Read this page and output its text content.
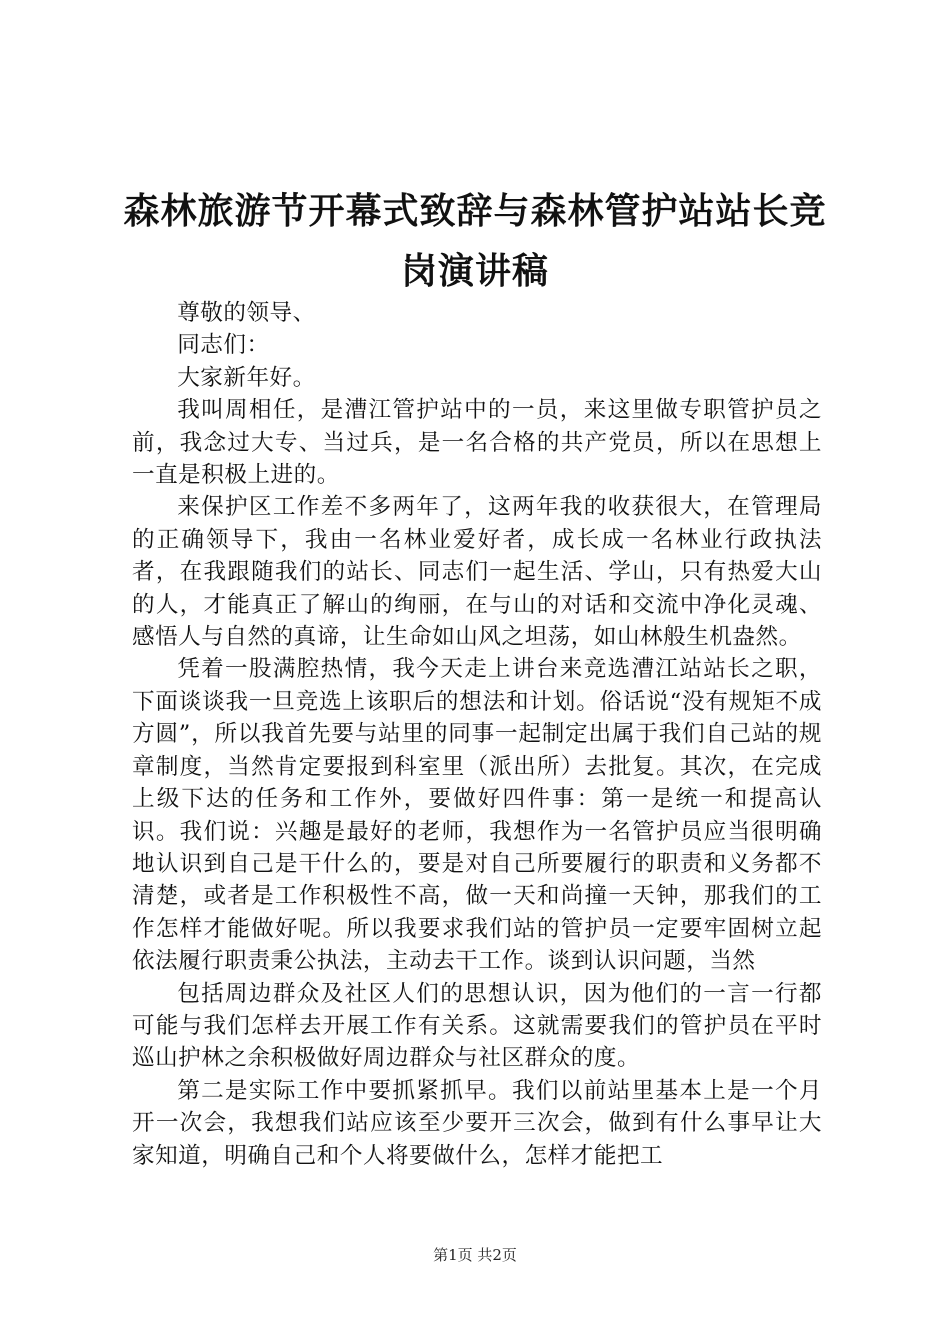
森林旅游节开幕式致辞与森林管护站站长竞岗演讲稿

尊敬的领导、

同志们：

大家新年好。

我叫周相任，是漕江管护站中的一员，来这里做专职管护员之前，我念过大专、当过兵，是一名合格的共产党员，所以在思想上一直是积极上进的。

来保护区工作差不多两年了，这两年我的收获很大，在管理局的正确领导下，我由一名林业爱好者，成长成一名林业行政执法者，在我跟随我们的站长、同志们一起生活、学山，只有热爱大山的人，才能真正了解山的绚丽，在与山的对话和交流中净化灵魂、感悟人与自然的真谛，让生命如山风之坦荡，如山林般生机盎然。

凭着一股满腔热情，我今天走上讲台来竞选漕江站站长之职，下面谈谈我一旦竞选上该职后的想法和计划。俗话说“没有规矩不成方圆”，所以我首先要与站里的同事一起制定出属于我们自己站的规章制度，当然肯定要报到科室里（派出所）去批复。其次，在完成上级下达的任务和工作外，要做好四件事：第一是统一和提高认识。我们说：兴趣是最好的老师，我想作为一名管护员应当很明确地认识到自己是干什么的，要是对自己所要履行的职责和义务都不清楚，或者是工作积极性不高，做一天和尚撞一天钟，那我们的工作怎样才能做好呢。所以我要求我们站的管护员一定要牢固树立起依法履行职责秉公执法，主动去干工作。谈到认识问题，当然

包括周边群众及社区人们的思想认识，因为他们的一言一行都可能与我们怎样去开展工作有关系。这就需要我们的管护员在平时巡山护林之余积极做好周边群众与社区群众的度。

第二是实际工作中要抓紧抓早。我们以前站里基本上是一个月开一次会，我想我们站应该至少要开三次会，做到有什么事早让大家知道，明确自己和个人将要做什么，怎样才能把工

第1页 共2页
